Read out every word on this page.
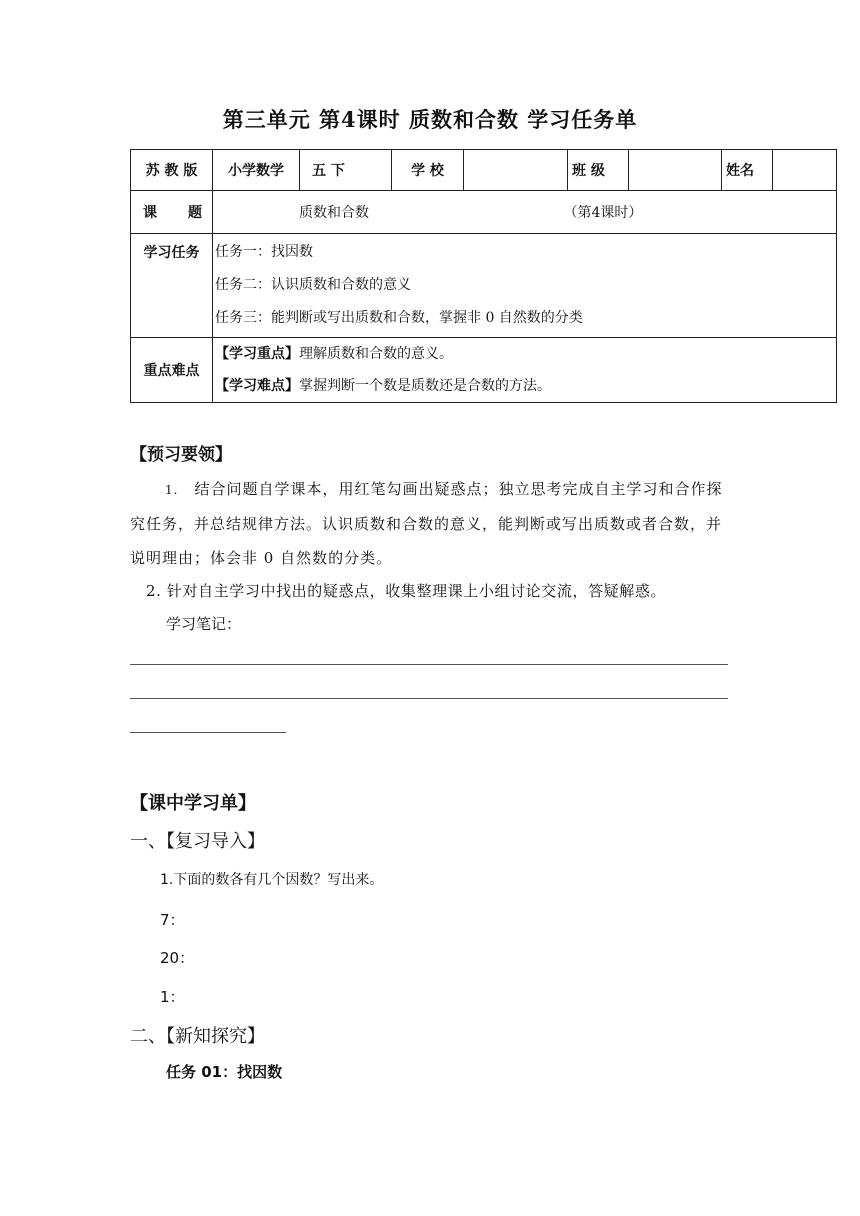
第三单元 第4课时 质数和合数 学习任务单
苏 教 版	小学数学	五 下	学 校		班 级		姓名	

课 题	质数和合数 （第4课时）							
学习任务	任务一：找因数
任务二：认识质数和合数的意义
任务三：能判断或写出质数和合数，掌握非 0 自然数的分类							

重点难点	【学习重点】理解质数和合数的意义。
【学习难点】掌握判断一个数是质数还是合数的方法。							
【预习要领】
1. 结合问题自学课本，用红笔勾画出疑惑点；独立思考完成自主学习和合作探究任务，并总结规律方法。认识质数和合数的意义，能判断或写出质数或者合数，并说明理由；体会非 0 自然数的分类。
2. 针对自主学习中找出的疑惑点，收集整理课上小组讨论交流，答疑解惑。
学习笔记：
【课中学习单】
一、【复习导入】
1.下面的数各有几个因数？写出来。
7：
20：
1：
二、【新知探究】
任务 01：找因数
